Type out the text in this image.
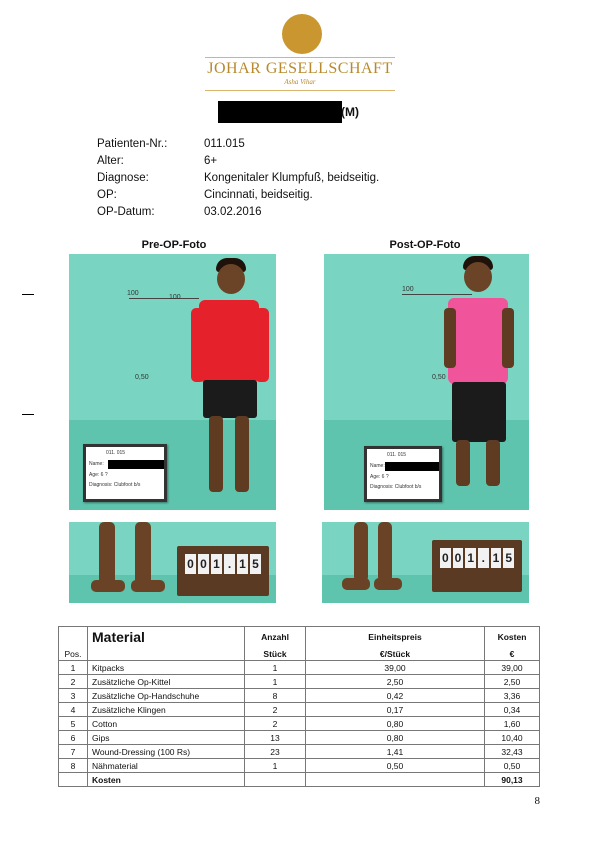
JOHAR GESELLSCHAFT
Asha Vihar
(M)
Patienten-Nr.:	011.015
Alter:	6+
Diagnose:	Kongenitaler Klumpfuß, beidseitig.
OP:	Cincinnati, beidseitig.
OP-Datum:	03.02.2016
Pre-OP-Foto	Post-OP-Foto
100
100
0,50
011. 015
Name:
Age: 6 ?
Diagnosis: Clubfoot b/s
100
0,50
011. 015
Name:
Age: 6 ?
Diagnosis: Clubfoot b/s
0 0 1 . 1 5	0 0 1 . 1 5
	Material	Anzahl	Einheitspreis	Kosten
Pos.		Stück	€/Stück	€
1	Kitpacks	1	39,00	39,00
2	Zusätzliche Op-Kittel	1	2,50	2,50
3	Zusätzliche Op-Handschuhe	8	0,42	3,36
4	Zusätzliche Klingen	2	0,17	0,34
5	Cotton	2	0,80	1,60
6	Gips	13	0,80	10,40
7	Wound-Dressing (100 Rs)	23	1,41	32,43
8	Nähmaterial	1	0,50	0,50
	Kosten			90,13
8
